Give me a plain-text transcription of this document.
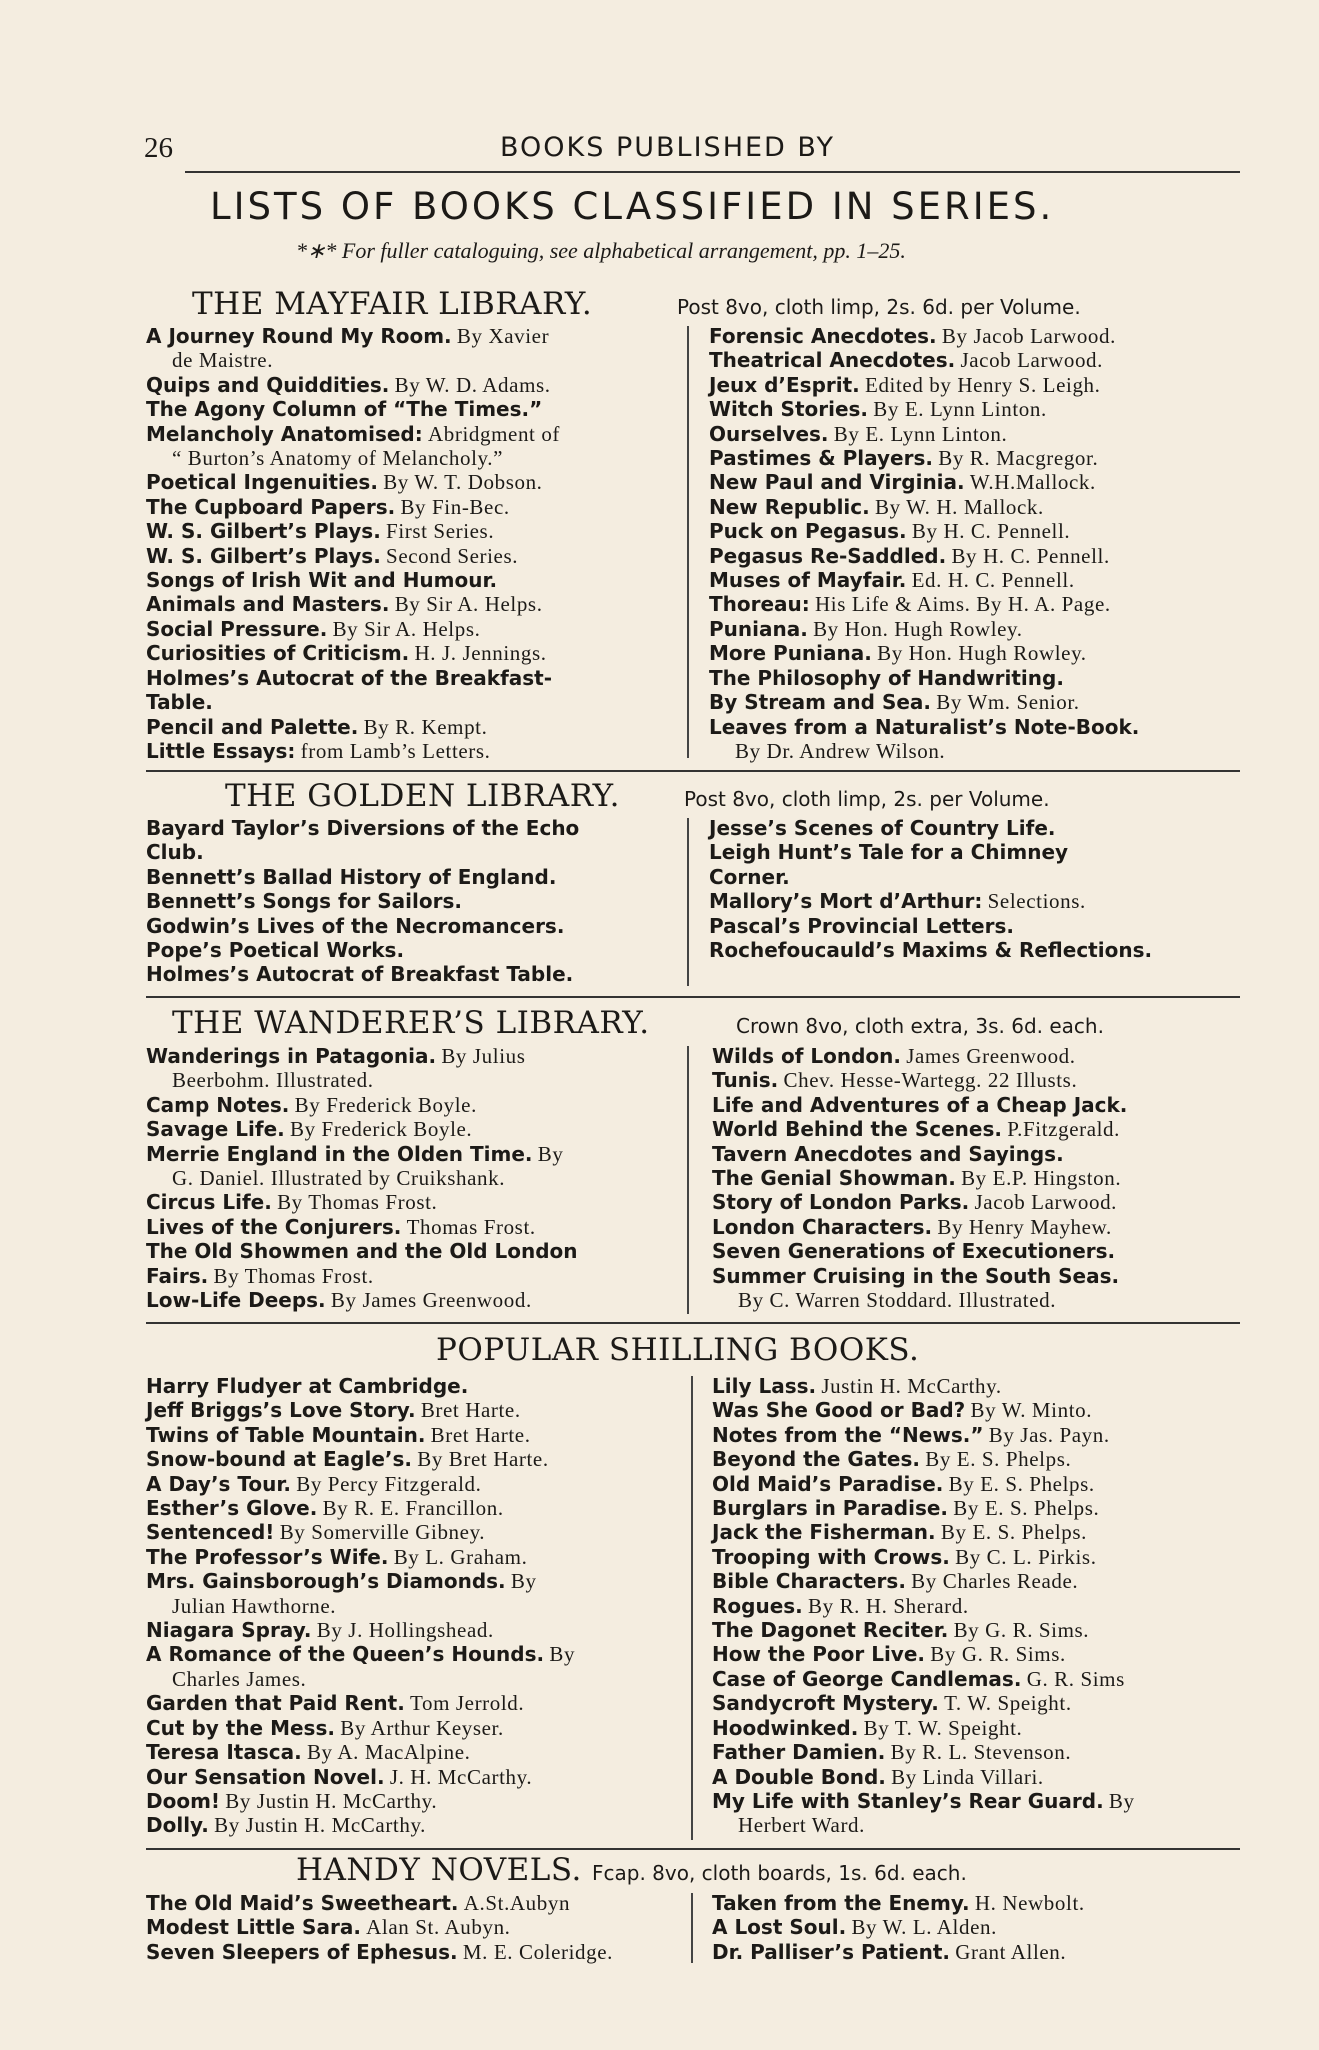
26	BOOKS PUBLISHED BY
LISTS OF BOOKS CLASSIFIED IN SERIES.
*∗* For fuller cataloguing, see alphabetical arrangement, pp. 1–25.
THE MAYFAIR LIBRARY.	Post 8vo, cloth limp, 2s. 6d. per Volume.
A Journey Round My Room. By Xavier
de Maistre.
Quips and Quiddities. By W. D. Adams.
The Agony Column of “The Times.”
Melancholy Anatomised: Abridgment of
“ Burton’s Anatomy of Melancholy.”
Poetical Ingenuities. By W. T. Dobson.
The Cupboard Papers. By Fin-Bec.
W. S. Gilbert’s Plays. First Series.
W. S. Gilbert’s Plays. Second Series.
Songs of Irish Wit and Humour.
Animals and Masters. By Sir A. Helps.
Social Pressure. By Sir A. Helps.
Curiosities of Criticism. H. J. Jennings.
Holmes’s Autocrat of the Breakfast-
Table.
Pencil and Palette. By R. Kempt.
Little Essays: from Lamb’s Letters.
Forensic Anecdotes. By Jacob Larwood.
Theatrical Anecdotes. Jacob Larwood.
Jeux d’Esprit. Edited by Henry S. Leigh.
Witch Stories. By E. Lynn Linton.
Ourselves. By E. Lynn Linton.
Pastimes & Players. By R. Macgregor.
New Paul and Virginia. W.H.Mallock.
New Republic. By W. H. Mallock.
Puck on Pegasus. By H. C. Pennell.
Pegasus Re-Saddled. By H. C. Pennell.
Muses of Mayfair. Ed. H. C. Pennell.
Thoreau: His Life & Aims. By H. A. Page.
Puniana. By Hon. Hugh Rowley.
More Puniana. By Hon. Hugh Rowley.
The Philosophy of Handwriting.
By Stream and Sea. By Wm. Senior.
Leaves from a Naturalist’s Note-Book.
By Dr. Andrew Wilson.
THE GOLDEN LIBRARY.	Post 8vo, cloth limp, 2s. per Volume.
Bayard Taylor’s Diversions of the Echo
Club.
Bennett’s Ballad History of England.
Bennett’s Songs for Sailors.
Godwin’s Lives of the Necromancers.
Pope’s Poetical Works.
Holmes’s Autocrat of Breakfast Table.
Jesse’s Scenes of Country Life.
Leigh Hunt’s Tale for a Chimney
Corner.
Mallory’s Mort d’Arthur: Selections.
Pascal’s Provincial Letters.
Rochefoucauld’s Maxims & Reflections.
THE WANDERER’S LIBRARY.	Crown 8vo, cloth extra, 3s. 6d. each.
Wanderings in Patagonia. By Julius
Beerbohm. Illustrated.
Camp Notes. By Frederick Boyle.
Savage Life. By Frederick Boyle.
Merrie England in the Olden Time. By
G. Daniel. Illustrated by Cruikshank.
Circus Life. By Thomas Frost.
Lives of the Conjurers. Thomas Frost.
The Old Showmen and the Old London
Fairs. By Thomas Frost.
Low-Life Deeps. By James Greenwood.
Wilds of London. James Greenwood.
Tunis. Chev. Hesse-Wartegg. 22 Illusts.
Life and Adventures of a Cheap Jack.
World Behind the Scenes. P.Fitzgerald.
Tavern Anecdotes and Sayings.
The Genial Showman. By E.P. Hingston.
Story of London Parks. Jacob Larwood.
London Characters. By Henry Mayhew.
Seven Generations of Executioners.
Summer Cruising in the South Seas.
By C. Warren Stoddard. Illustrated.
POPULAR SHILLING BOOKS.
Harry Fludyer at Cambridge.
Jeff Briggs’s Love Story. Bret Harte.
Twins of Table Mountain. Bret Harte.
Snow-bound at Eagle’s. By Bret Harte.
A Day’s Tour. By Percy Fitzgerald.
Esther’s Glove. By R. E. Francillon.
Sentenced! By Somerville Gibney.
The Professor’s Wife. By L. Graham.
Mrs. Gainsborough’s Diamonds. By
Julian Hawthorne.
Niagara Spray. By J. Hollingshead.
A Romance of the Queen’s Hounds. By
Charles James.
Garden that Paid Rent. Tom Jerrold.
Cut by the Mess. By Arthur Keyser.
Teresa Itasca. By A. MacAlpine.
Our Sensation Novel. J. H. McCarthy.
Doom! By Justin H. McCarthy.
Dolly. By Justin H. McCarthy.
Lily Lass. Justin H. McCarthy.
Was She Good or Bad? By W. Minto.
Notes from the “News.” By Jas. Payn.
Beyond the Gates. By E. S. Phelps.
Old Maid’s Paradise. By E. S. Phelps.
Burglars in Paradise. By E. S. Phelps.
Jack the Fisherman. By E. S. Phelps.
Trooping with Crows. By C. L. Pirkis.
Bible Characters. By Charles Reade.
Rogues. By R. H. Sherard.
The Dagonet Reciter. By G. R. Sims.
How the Poor Live. By G. R. Sims.
Case of George Candlemas. G. R. Sims
Sandycroft Mystery. T. W. Speight.
Hoodwinked. By T. W. Speight.
Father Damien. By R. L. Stevenson.
A Double Bond. By Linda Villari.
My Life with Stanley’s Rear Guard. By
Herbert Ward.
HANDY NOVELS. Fcap. 8vo, cloth boards, 1s. 6d. each.
The Old Maid’s Sweetheart. A.St.Aubyn
Modest Little Sara. Alan St. Aubyn.
Seven Sleepers of Ephesus. M. E. Coleridge.
Taken from the Enemy. H. Newbolt.
A Lost Soul. By W. L. Alden.
Dr. Palliser’s Patient. Grant Allen.
